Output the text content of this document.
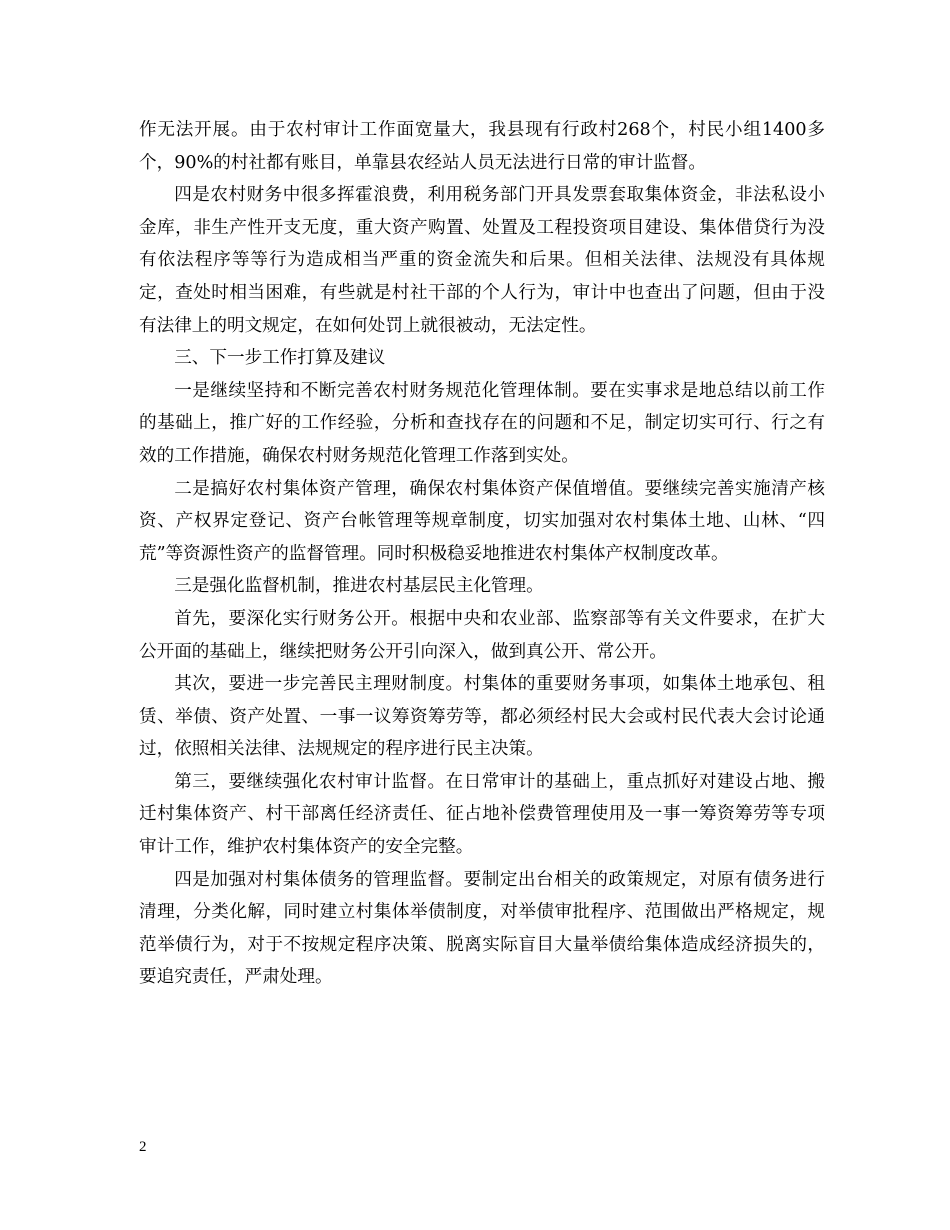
作无法开展。由于农村审计工作面宽量大，我县现有行政村268个，村民小组1400多个，90%的村社都有账目，单靠县农经站人员无法进行日常的审计监督。

四是农村财务中很多挥霍浪费，利用税务部门开具发票套取集体资金，非法私设小金库，非生产性开支无度，重大资产购置、处置及工程投资项目建设、集体借贷行为没有依法程序等等行为造成相当严重的资金流失和后果。但相关法律、法规没有具体规定，查处时相当困难，有些就是村社干部的个人行为，审计中也查出了问题，但由于没有法律上的明文规定，在如何处罚上就很被动，无法定性。

三、下一步工作打算及建议

一是继续坚持和不断完善农村财务规范化管理体制。要在实事求是地总结以前工作的基础上，推广好的工作经验，分析和查找存在的问题和不足，制定切实可行、行之有效的工作措施，确保农村财务规范化管理工作落到实处。

二是搞好农村集体资产管理，确保农村集体资产保值增值。要继续完善实施清产核资、产权界定登记、资产台帐管理等规章制度，切实加强对农村集体土地、山林、“四荒”等资源性资产的监督管理。同时积极稳妥地推进农村集体产权制度改革。

三是强化监督机制，推进农村基层民主化管理。

首先，要深化实行财务公开。根据中央和农业部、监察部等有关文件要求，在扩大公开面的基础上，继续把财务公开引向深入，做到真公开、常公开。

其次，要进一步完善民主理财制度。村集体的重要财务事项，如集体土地承包、租赁、举债、资产处置、一事一议筹资筹劳等，都必须经村民大会或村民代表大会讨论通过，依照相关法律、法规规定的程序进行民主决策。

第三，要继续强化农村审计监督。在日常审计的基础上，重点抓好对建设占地、搬迁村集体资产、村干部离任经济责任、征占地补偿费管理使用及一事一筹资筹劳等专项审计工作，维护农村集体资产的安全完整。

四是加强对村集体债务的管理监督。要制定出台相关的政策规定，对原有债务进行清理，分类化解，同时建立村集体举债制度，对举债审批程序、范围做出严格规定，规范举债行为，对于不按规定程序决策、脱离实际盲目大量举债给集体造成经济损失的，要追究责任，严肃处理。

2
